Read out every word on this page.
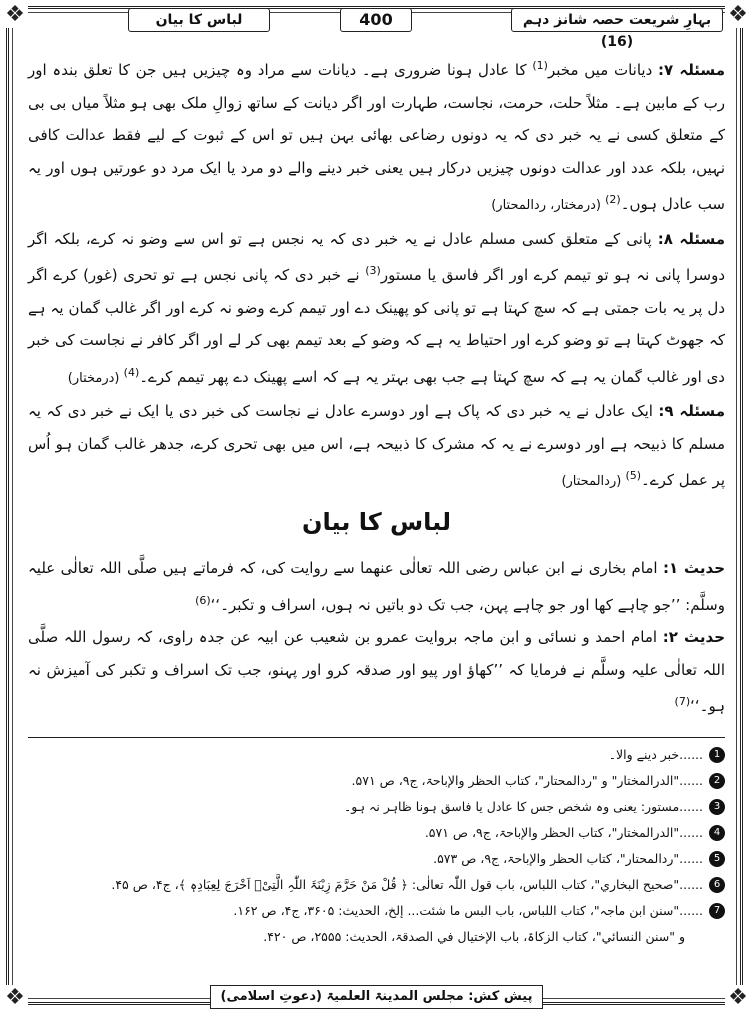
❖	❖
❖	❖
بہارِ شریعت حصہ شانز دہم (16)
400
لباس کا بیان

مسئلہ ۷: دیانات میں مخبر$^{(1)}$ کا عادل ہونا ضروری ہے۔ دیانات سے مراد وہ چیزیں ہیں جن کا تعلق بندہ اور رب کے مابین ہے۔ مثلاً حلت، حرمت، نجاست، طہارت اور اگر دیانت کے ساتھ زوالِ ملک بھی ہو مثلاً میاں بی بی کے متعلق کسی نے یہ خبر دی کہ یہ دونوں رضاعی بھائی بہن ہیں تو اس کے ثبوت کے لیے فقط عدالت کافی نہیں، بلکہ عدد اور عدالت دونوں چیزیں درکار ہیں یعنی خبر دینے والے دو مرد یا ایک مرد دو عورتیں ہوں اور یہ سب عادل ہوں۔$^{(2)}$ (درمختار، ردالمحتار)

مسئلہ ۸: پانی کے متعلق کسی مسلم عادل نے یہ خبر دی کہ یہ نجس ہے تو اس سے وضو نہ کرے، بلکہ اگر دوسرا پانی نہ ہو تو تیمم کرے اور اگر فاسق یا مستور$^{(3)}$ نے خبر دی کہ پانی نجس ہے تو تحری (غور) کرے اگر دل پر یہ بات جمتی ہے کہ سچ کہتا ہے تو پانی کو پھینک دے اور تیمم کرے وضو نہ کرے اور اگر غالب گمان یہ ہے کہ جھوٹ کہتا ہے تو وضو کرے اور احتیاط یہ ہے کہ وضو کے بعد تیمم بھی کر لے اور اگر کافر نے نجاست کی خبر دی اور غالب گمان یہ ہے کہ سچ کہتا ہے جب بھی بہتر یہ ہے کہ اسے پھینک دے پھر تیمم کرے۔$^{(4)}$ (درمختار)

مسئلہ ۹: ایک عادل نے یہ خبر دی کہ پاک ہے اور دوسرے عادل نے نجاست کی خبر دی یا ایک نے خبر دی کہ یہ مسلم کا ذبیحہ ہے اور دوسرے نے یہ کہ مشرک کا ذبیحہ ہے، اس میں بھی تحری کرے، جدھر غالب گمان ہو اُس پر عمل کرے۔$^{(5)}$ (ردالمحتار)

لباس کا بیان

حدیث ۱: امام بخاری نے ابن عباس رضی اللہ تعالٰی عنھما سے روایت کی، کہ فرماتے ہیں صلَّی اللہ تعالٰی علیہ وسلَّم: ’’جو چاہے کھا اور جو چاہے پہن، جب تک دو باتیں نہ ہوں، اسراف و تکبر۔‘‘$^{(6)}$

حدیث ۲: امام احمد و نسائی و ابن ماجہ بروایت عمرو بن شعیب عن ابیہ عن جدہ راوی، کہ رسول اللہ صلَّی اللہ تعالٰی علیہ وسلَّم نے فرمایا کہ ’’کھاؤ اور پیو اور صدقہ کرو اور پہنو، جب تک اسراف و تکبر کی آمیزش نہ ہو۔‘‘$^{(7)}$

1
......خبر دینے والا۔
2
......"الدرالمختار" و "ردالمحتار"، کتاب الحظر والإباحۃ، ج۹، ص ۵۷۱.
3
......مستور: یعنی وہ شخص جس کا عادل یا فاسق ہونا ظاہر نہ ہو۔
4
......"الدرالمختار"، کتاب الحظر والإباحۃ، ج۹، ص ۵۷۱.
5
......"ردالمحتار"، کتاب الحظر والإباحۃ، ج۹، ص ۵۷۳.
6
......"صحیح البخاري"، کتاب اللباس، باب قول اللّٰہ تعالٰی: ﴿ قُلْ مَنْ حَرَّمَ زِیْنَۃَ اللّٰہِ الَّتِیْۤ اَخْرَجَ لِعِبَادِہٖ ﴾، ج۴، ص ۴۵.
7
......"سنن ابن ماجہ"، کتاب اللباس، باب البس ما شئت... إلخ، الحدیث: ۳۶۰۵، ج۴، ص ۱۶۲.
و "سنن النسائي"، کتاب الزکاۃ، باب الإختیال في الصدقۃ، الحدیث: ۲۵۵۵، ص ۴۲۰.
پیش کش: مجلس المدینۃ العلمیۃ (دعوتِ اسلامی)
